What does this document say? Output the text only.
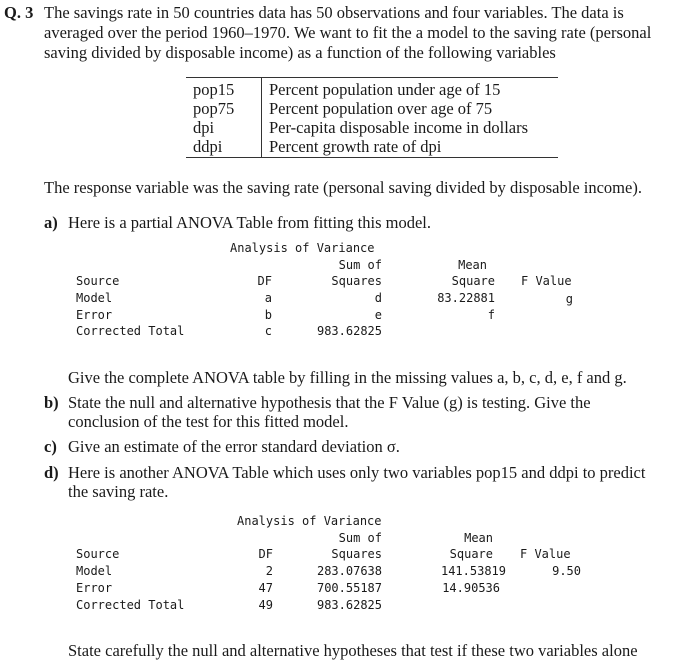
Q. 3 The savings rate in 50 countries data has 50 observations and four variables. The data is
averaged over the period 1960–1970. We want to fit the a model to the saving rate (personal
saving divided by disposable income) as a function of the following variables
pop15 Percent population under age of 15
pop75 Percent population over age of 75
dpi	Per-capita disposable income in dollars
ddpi	Percent growth rate of dpi
The response variable was the saving rate (personal saving divided by disposable income).
a) Here is a partial ANOVA Table from fitting this model.
Analysis of Variance
Sum of	Mean
Source	DF	Squares	Square F Value
Model	a	d	83.22881	g
Error	b	e	f
Corrected Total	c	983.62825
Give the complete ANOVA table by filling in the missing values a, b, c, d, e, f and g.
b) State the null and alternative hypothesis that the F Value (g) is testing. Give the
conclusion of the test for this fitted model.
c) Give an estimate of the error standard deviation σ.
d) Here is another ANOVA Table which uses only two variables pop15 and ddpi to predict
the saving rate.
Analysis of Variance
Sum of	Mean
Source	DF	Squares	Square F Value
Model	2	283.07638	141.53819	9.50
Error	47	700.55187	14.90536
Corrected Total	49	983.62825
State carefully the null and alternative hypotheses that test if these two variables alone
